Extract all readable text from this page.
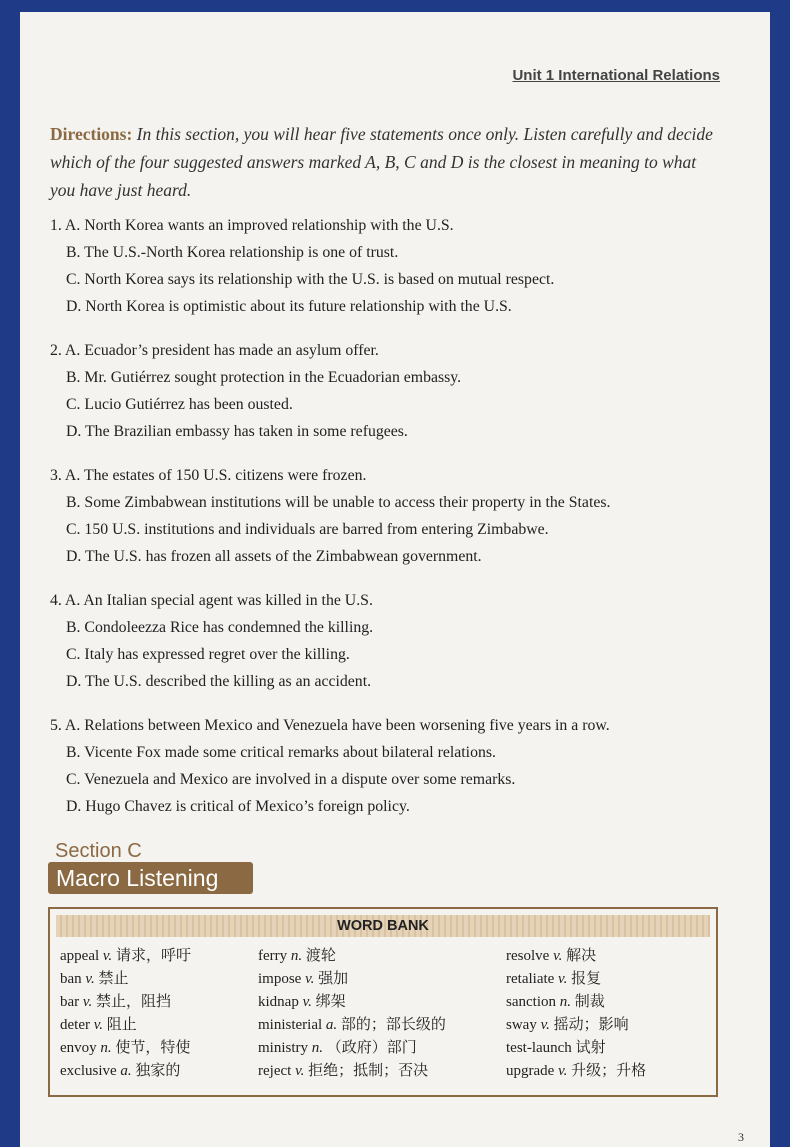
Unit 1 International Relations
Directions: In this section, you will hear five statements once only. Listen carefully and decide which of the four suggested answers marked A, B, C and D is the closest in meaning to what you have just heard.
1. A. North Korea wants an improved relationship with the U.S.
B. The U.S.-North Korea relationship is one of trust.
C. North Korea says its relationship with the U.S. is based on mutual respect.
D. North Korea is optimistic about its future relationship with the U.S.
2. A. Ecuador’s president has made an asylum offer.
B. Mr. Gutiérrez sought protection in the Ecuadorian embassy.
C. Lucio Gutiérrez has been ousted.
D. The Brazilian embassy has taken in some refugees.
3. A. The estates of 150 U.S. citizens were frozen.
B. Some Zimbabwean institutions will be unable to access their property in the States.
C. 150 U.S. institutions and individuals are barred from entering Zimbabwe.
D. The U.S. has frozen all assets of the Zimbabwean government.
4. A. An Italian special agent was killed in the U.S.
B. Condoleezza Rice has condemned the killing.
C. Italy has expressed regret over the killing.
D. The U.S. described the killing as an accident.
5. A. Relations between Mexico and Venezuela have been worsening five years in a row.
B. Vicente Fox made some critical remarks about bilateral relations.
C. Venezuela and Mexico are involved in a dispute over some remarks.
D. Hugo Chavez is critical of Mexico’s foreign policy.
Section C
Macro Listening
WORD BANK
appeal v. 请求，呼吁
ban v. 禁止
bar v. 禁止，阻挡
deter v. 阻止
envoy n. 使节，特使
exclusive a. 独家的
ferry n. 渡轮
impose v. 强加
kidnap v. 绑架
ministerial a. 部的；部长级的
ministry n. （政府）部门
reject v. 拒绝；抵制；否决
resolve v. 解决
retaliate v. 报复
sanction n. 制裁
sway v. 摇动；影响
test-launch 试射
upgrade v. 升级；升格
3
